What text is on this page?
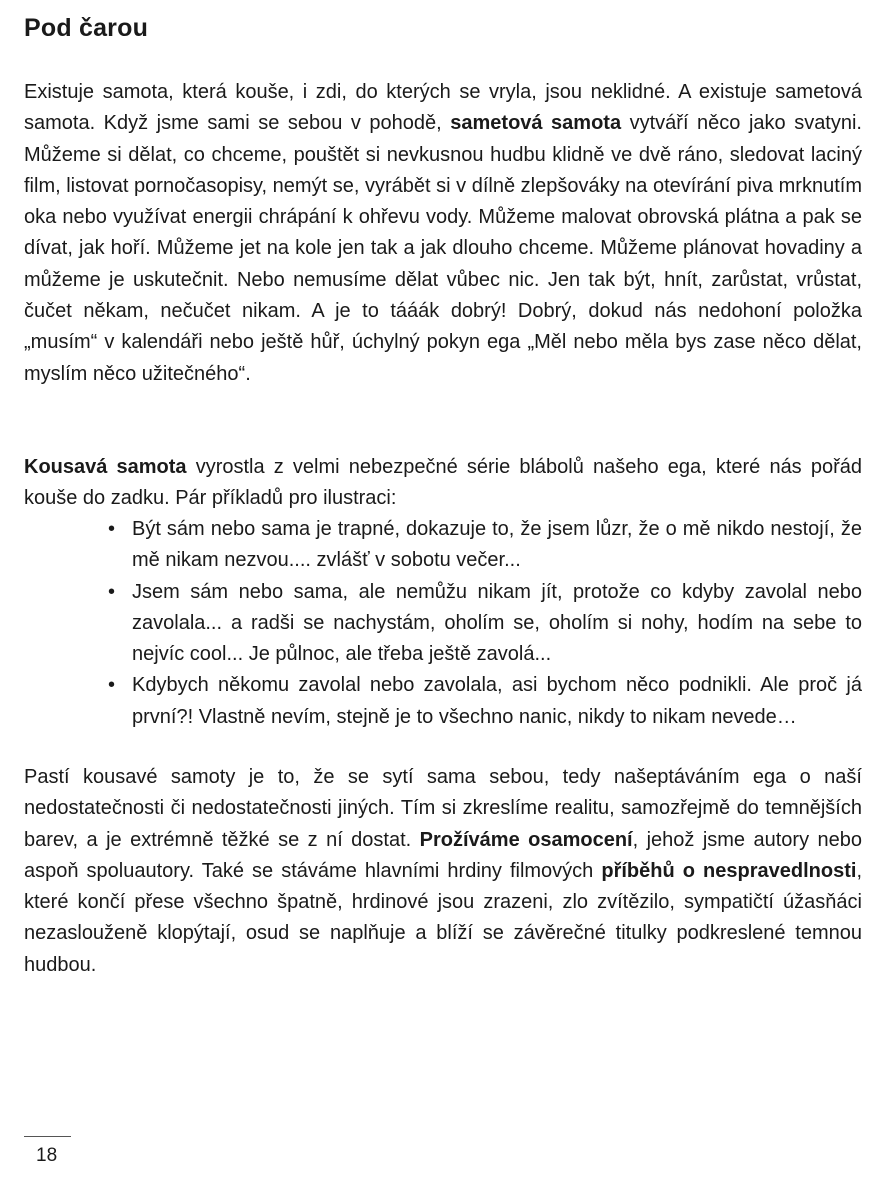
Pod čarou

Existuje samota, která kouše, i zdi, do kterých se vryla, jsou neklidné. A existuje sametová samota. Když jsme sami se sebou v pohodě, sametová samota vytváří něco jako svatyni. Můžeme si dělat, co chceme, pouštět si nevkusnou hudbu klidně ve dvě ráno, sledovat laciný film, listovat pornočasopisy, nemýt se, vyrábět si v dílně zlepšováky na otevírání piva mrknutím oka nebo využívat energii chrápání k ohřevu vody. Můžeme malovat obrovská plátna a pak se dívat, jak hoří. Můžeme jet na kole jen tak a jak dlouho chceme. Můžeme plánovat hovadiny a můžeme je uskutečnit. Nebo nemusíme dělat vůbec nic. Jen tak být, hnít, zarůstat, vrůstat, čučet někam, nečučet nikam. A je to tááák dobrý! Dobrý, dokud nás nedohoní položka „musím“ v kalendáři nebo ještě hůř, úchylný pokyn ega „Měl nebo měla bys zase něco dělat, myslím něco užitečného“.

Kousavá samota vyrostla z velmi nebezpečné série blábolů našeho ega, které nás pořád kouše do zadku. Pár příkladů pro ilustraci:

• Být sám nebo sama je trapné, dokazuje to, že jsem lůzr, že o mě nikdo nestojí, že mě nikam nezvou.... zvlášť v sobotu večer...
• Jsem sám nebo sama, ale nemůžu nikam jít, protože co kdyby zavolal nebo zavolala... a radši se nachystám, oholím se, oholím si nohy, hodím na sebe to nejvíc cool... Je půlnoc, ale třeba ještě zavolá...
• Kdybych někomu zavolal nebo zavolala, asi bychom něco podnikli. Ale proč já první?! Vlastně nevím, stejně je to všechno nanic, nikdy to nikam nevede…

Pastí kousavé samoty je to, že se sytí sama sebou, tedy našeptáváním ega o naší nedostatečnosti či nedostatečnosti jiných. Tím si zkreslíme realitu, samozřejmě do temnějších barev, a je extrémně těžké se z ní dostat. Prožíváme osamocení, jehož jsme autory nebo aspoň spoluautory. Také se stáváme hlavními hrdiny filmových příběhů o nespravedlnosti, které končí přese všechno špatně, hrdinové jsou zrazeni, zlo zvítězilo, sympatičtí úžasňáci nezaslouženě klopýtají, osud se naplňuje a blíží se závěrečné titulky podkreslené temnou hudbou.

18
